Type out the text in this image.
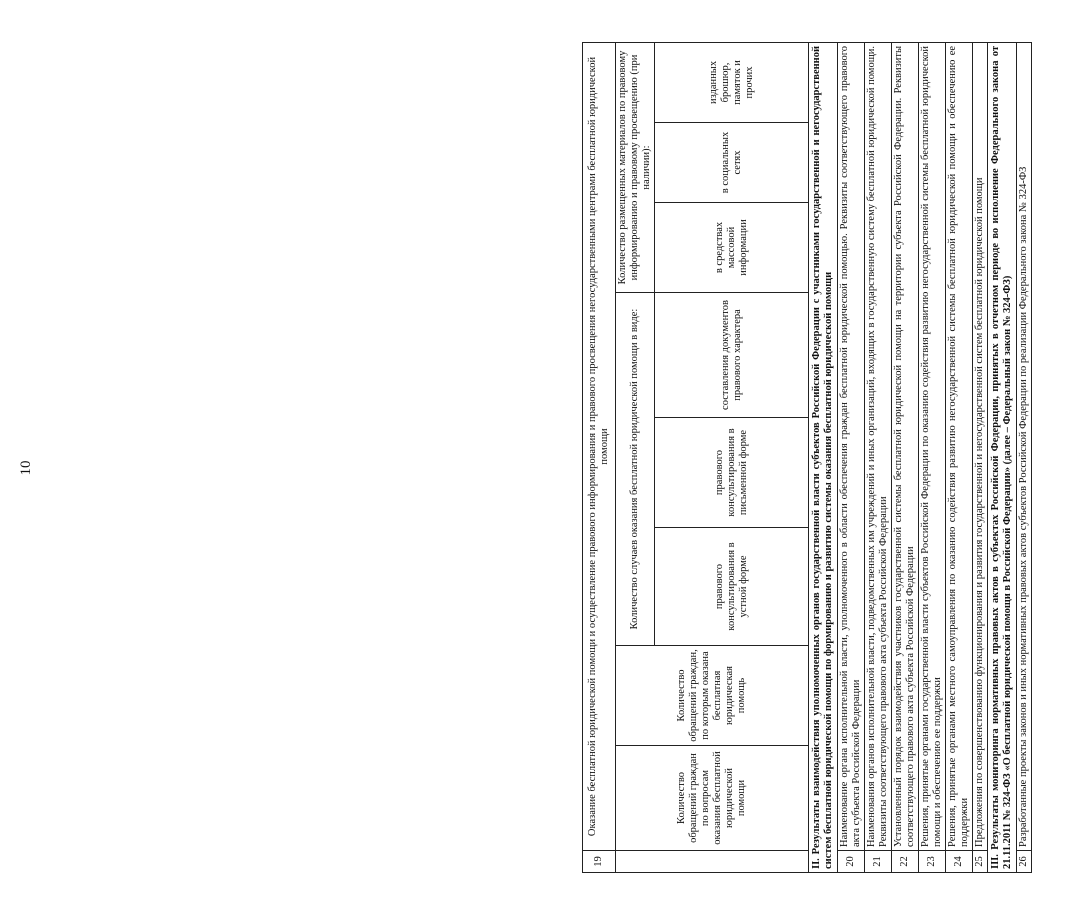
10
19	Оказание бесплатной юридической помощи и осуществление правового информирования и правового просвещения негосударственными центрами бесплатной юридической помощи							
	Количество обращений граждан по вопросам оказания бесплатной юридической помощи	Количество обращений граждан, по которым оказана бесплатная юридическая помощь	Количество случаев оказания бесплатной юридической помощи в виде:			Количество размещенных материалов по правовому информированию и правовому просвещению (при наличии):		
			правового консультирования в устной форме	правового консультирования в письменной форме	составления документов правового характера	в средствах массовой информации	в социальных сетях	изданных брошюр, памяток и прочих
II. Результаты взаимодействия уполномоченных органов государственной власти субъектов Российской Федерации с участниками государственной и негосударственной систем бесплатной юридической помощи по формированию и развитию системы оказания бесплатной юридической помощи								
20	Наименование органа исполнительной власти, уполномоченного в области обеспечения граждан бесплатной юридической помощью. Реквизиты соответствующего правового акта субъекта Российской Федерации							
21	Наименования органов исполнительной власти, подведомственных им учреждений и иных организаций, входящих в государственную систему бесплатной юридической помощи. Реквизиты соответствующего правового акта субъекта Российской Федерации							
22	Установленный порядок взаимодействия участников государственной системы бесплатной юридической помощи на территории субъекта Российской Федерации. Реквизиты соответствующего правового акта субъекта Российской Федерации							
23	Решения, принятые органами государственной власти субъектов Российской Федерации по оказанию содействия развитию негосударственной системы бесплатной юридической помощи и обеспечению ее поддержки							
24	Решения, принятые органами местного самоуправления по оказанию содействия развитию негосударственной системы бесплатной юридической помощи и обеспечению ее поддержки							
25	Предложения по совершенствованию функционирования и развития государственной и негосударственной систем бесплатной юридической помощи							
III. Результаты мониторинга нормативных правовых актов в субъектах Российской Федерации, принятых в отчетном периоде во исполнение Федерального закона от 21.11.2011 № 324-ФЗ «О бесплатной юридической помощи в Российской Федерации» (далее – Федеральный закон № 324-ФЗ)								
26	Разработанные проекты законов и иных нормативных правовых актов субъектов Российской Федерации по реализации Федерального закона № 324-ФЗ							
